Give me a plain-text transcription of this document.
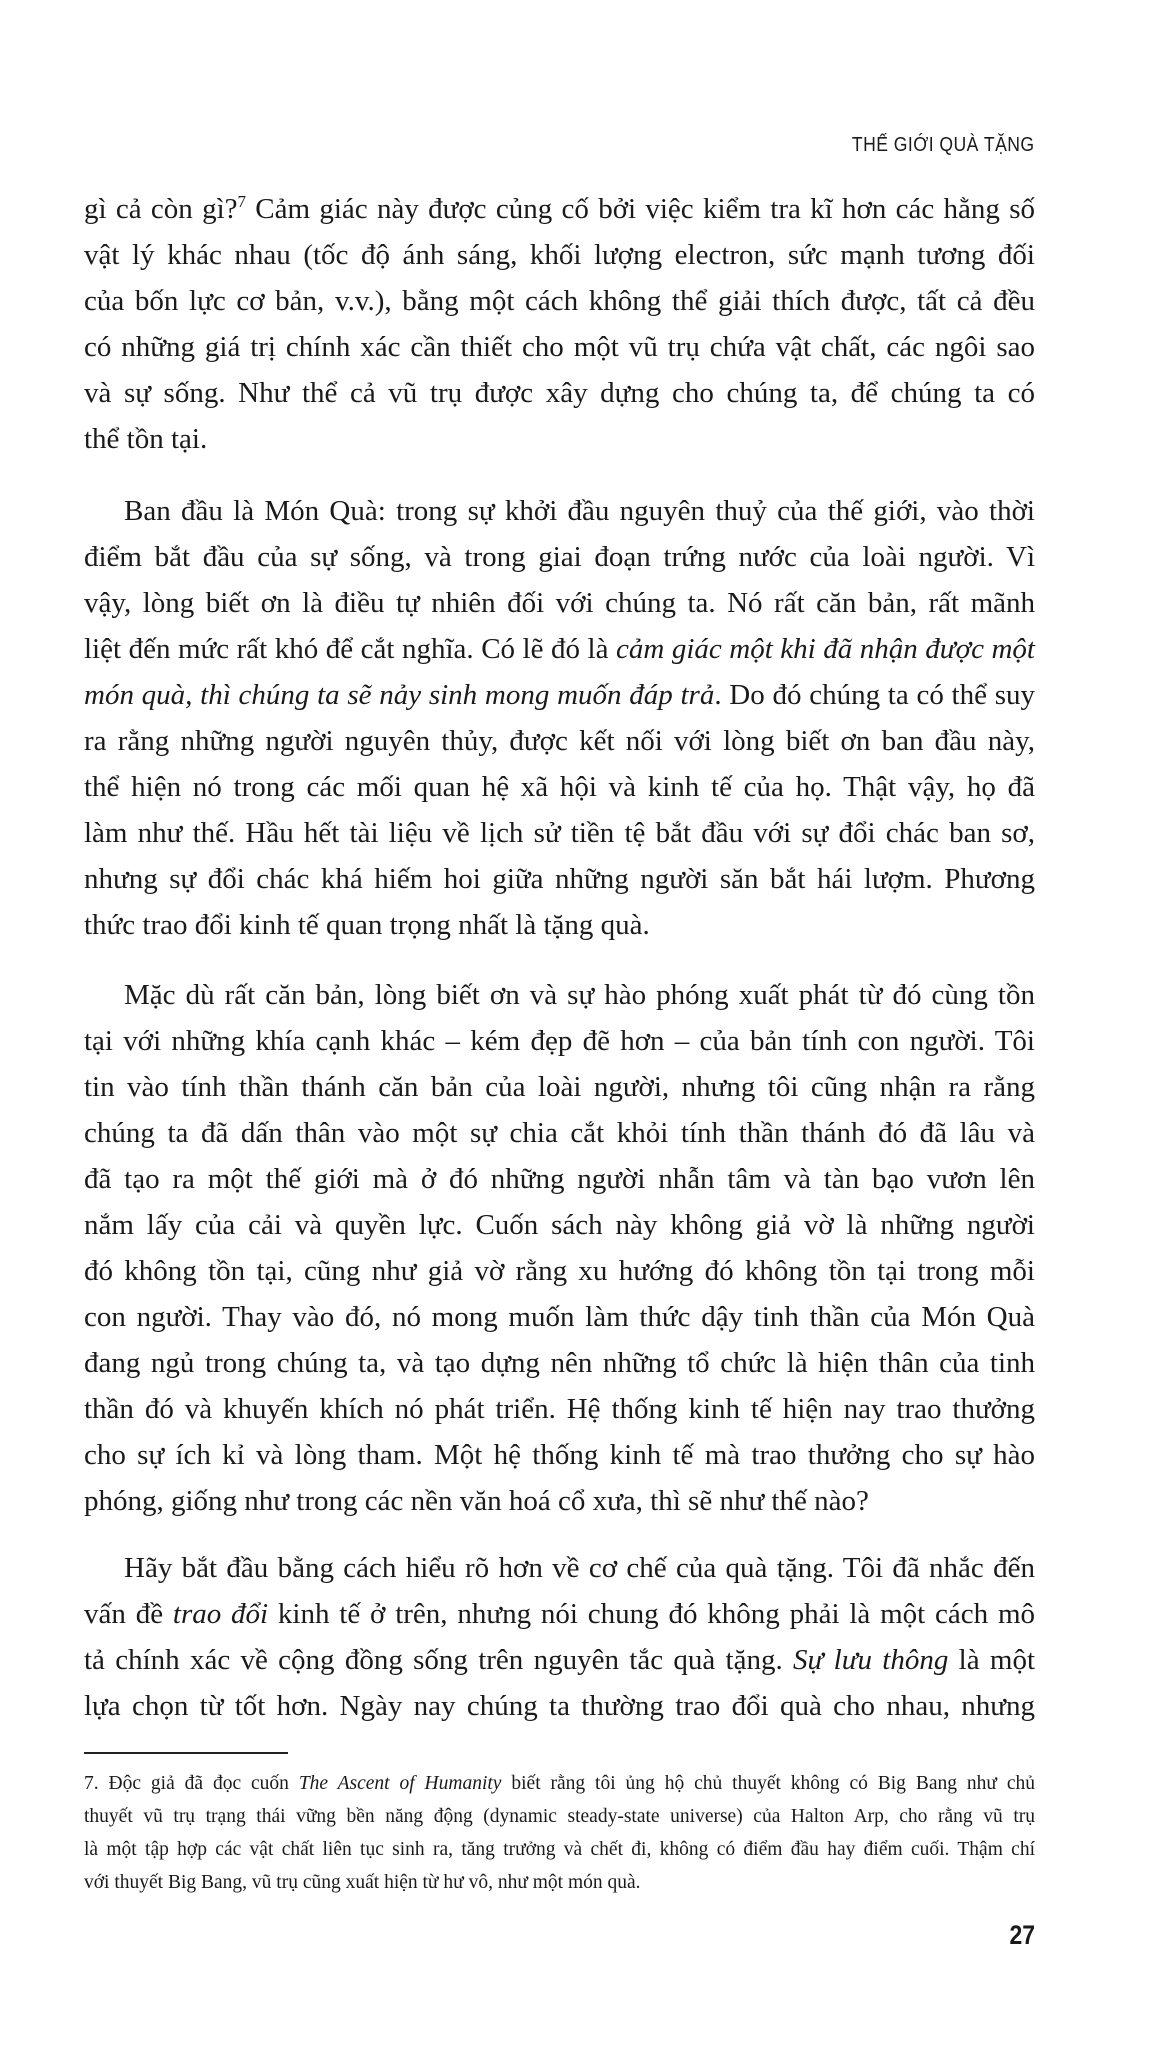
THẾ GIỚI QUÀ TẶNG
gì cả còn gì?$^7$ Cảm giác này được củng cố bởi việc kiểm tra kĩ hơn các hằng số
vật lý khác nhau (tốc độ ánh sáng, khối lượng electron, sức mạnh tương đối
của bốn lực cơ bản, v.v.), bằng một cách không thể giải thích được, tất cả đều
có những giá trị chính xác cần thiết cho một vũ trụ chứa vật chất, các ngôi sao
và sự sống. Như thể cả vũ trụ được xây dựng cho chúng ta, để chúng ta có
thể tồn tại.
Ban đầu là Món Quà: trong sự khởi đầu nguyên thuỷ của thế giới, vào thời
điểm bắt đầu của sự sống, và trong giai đoạn trứng nước của loài người. Vì
vậy, lòng biết ơn là điều tự nhiên đối với chúng ta. Nó rất căn bản, rất mãnh
liệt đến mức rất khó để cắt nghĩa. Có lẽ đó là cảm giác một khi đã nhận được một
món quà, thì chúng ta sẽ nảy sinh mong muốn đáp trả. Do đó chúng ta có thể suy
ra rằng những người nguyên thủy, được kết nối với lòng biết ơn ban đầu này,
thể hiện nó trong các mối quan hệ xã hội và kinh tế của họ. Thật vậy, họ đã
làm như thế. Hầu hết tài liệu về lịch sử tiền tệ bắt đầu với sự đổi chác ban sơ,
nhưng sự đổi chác khá hiếm hoi giữa những người săn bắt hái lượm. Phương
thức trao đổi kinh tế quan trọng nhất là tặng quà.
Mặc dù rất căn bản, lòng biết ơn và sự hào phóng xuất phát từ đó cùng tồn
tại với những khía cạnh khác – kém đẹp đẽ hơn – của bản tính con người. Tôi
tin vào tính thần thánh căn bản của loài người, nhưng tôi cũng nhận ra rằng
chúng ta đã dấn thân vào một sự chia cắt khỏi tính thần thánh đó đã lâu và
đã tạo ra một thế giới mà ở đó những người nhẫn tâm và tàn bạo vươn lên
nắm lấy của cải và quyền lực. Cuốn sách này không giả vờ là những người
đó không tồn tại, cũng như giả vờ rằng xu hướng đó không tồn tại trong mỗi
con người. Thay vào đó, nó mong muốn làm thức dậy tinh thần của Món Quà
đang ngủ trong chúng ta, và tạo dựng nên những tổ chức là hiện thân của tinh
thần đó và khuyến khích nó phát triển. Hệ thống kinh tế hiện nay trao thưởng
cho sự ích kỉ và lòng tham. Một hệ thống kinh tế mà trao thưởng cho sự hào
phóng, giống như trong các nền văn hoá cổ xưa, thì sẽ như thế nào?
Hãy bắt đầu bằng cách hiểu rõ hơn về cơ chế của quà tặng. Tôi đã nhắc đến
vấn đề trao đổi kinh tế ở trên, nhưng nói chung đó không phải là một cách mô
tả chính xác về cộng đồng sống trên nguyên tắc quà tặng. Sự lưu thông là một
lựa chọn từ tốt hơn. Ngày nay chúng ta thường trao đổi quà cho nhau, nhưng
7. Độc giả đã đọc cuốn The Ascent of Humanity biết rằng tôi ủng hộ chủ thuyết không có Big Bang như chủ
thuyết vũ trụ trạng thái vững bền năng động (dynamic steady-state universe) của Halton Arp, cho rằng vũ trụ
là một tập hợp các vật chất liên tục sinh ra, tăng trưởng và chết đi, không có điểm đầu hay điểm cuối. Thậm chí
với thuyết Big Bang, vũ trụ cũng xuất hiện từ hư vô, như một món quà.
27
